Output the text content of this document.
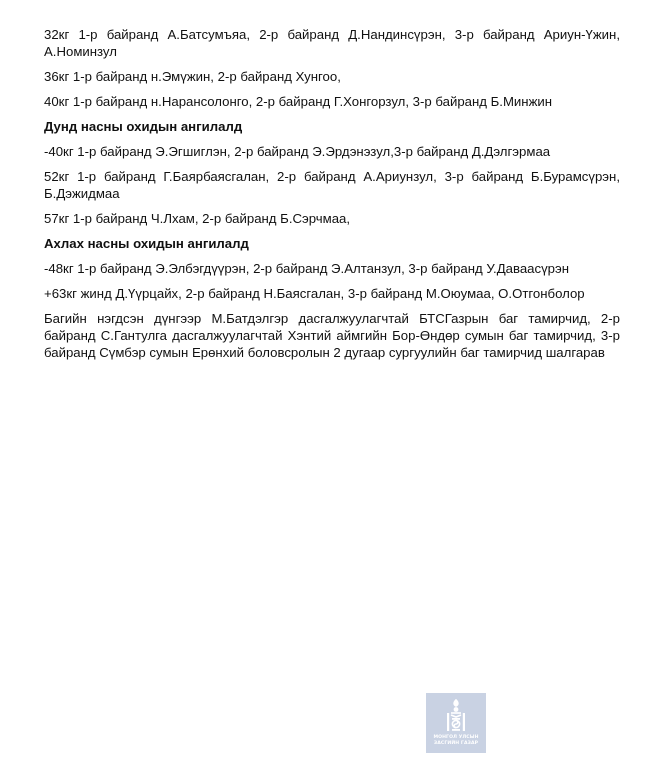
32кг 1-р байранд А.Батсумъяа, 2-р байранд Д.Нандинсүрэн, 3-р байранд Ариун-Үжин, А.Номинзул

36кг 1-р байранд н.Эмүжин, 2-р байранд Хунгоо,

40кг 1-р байранд н.Наранcолонго, 2-р байранд Г.Хонгорзул, 3-р байранд Б.Минжин

Дунд насны охидын ангилалд

-40кг 1-р байранд Э.Эгшиглэн, 2-р байранд Э.Эрдэнэзул,3-р байранд Д.Дэлгэрмаа

52кг 1-р байранд Г.Баярбаясгалан, 2-р байранд А.Ариунзул, 3-р байранд Б.Бурамсүрэн, Б.Дэжидмаа

57кг 1-р байранд Ч.Лхам, 2-р байранд Б.Сэрчмаа,

Ахлах насны охидын ангилалд

-48кг 1-р байранд Э.Элбэгдүүрэн, 2-р байранд Э.Алтанзул, 3-р байранд У.Даваасүрэн

+63кг жинд Д.Үүрцайх, 2-р байранд Н.Баясгалан, 3-р байранд М.Оюумаа, О.Отгонболор

Багийн нэгдсэн дүнгээр М.Батдэлгэр дасгалжуулагчтай БТСГазрын баг тамирчид, 2-р байранд С.Гантулга дасгалжуулагчтай Хэнтий аймгийн Бор-Өндөр сумын баг тамирчид, 3-р байранд Сүмбэр сумын Ерөнхий боловсролын 2 дугаар сургуулийн баг тамирчид шалгарав

МОНГОЛ УЛСЫН
ЗАСГИЙН ГАЗАР
